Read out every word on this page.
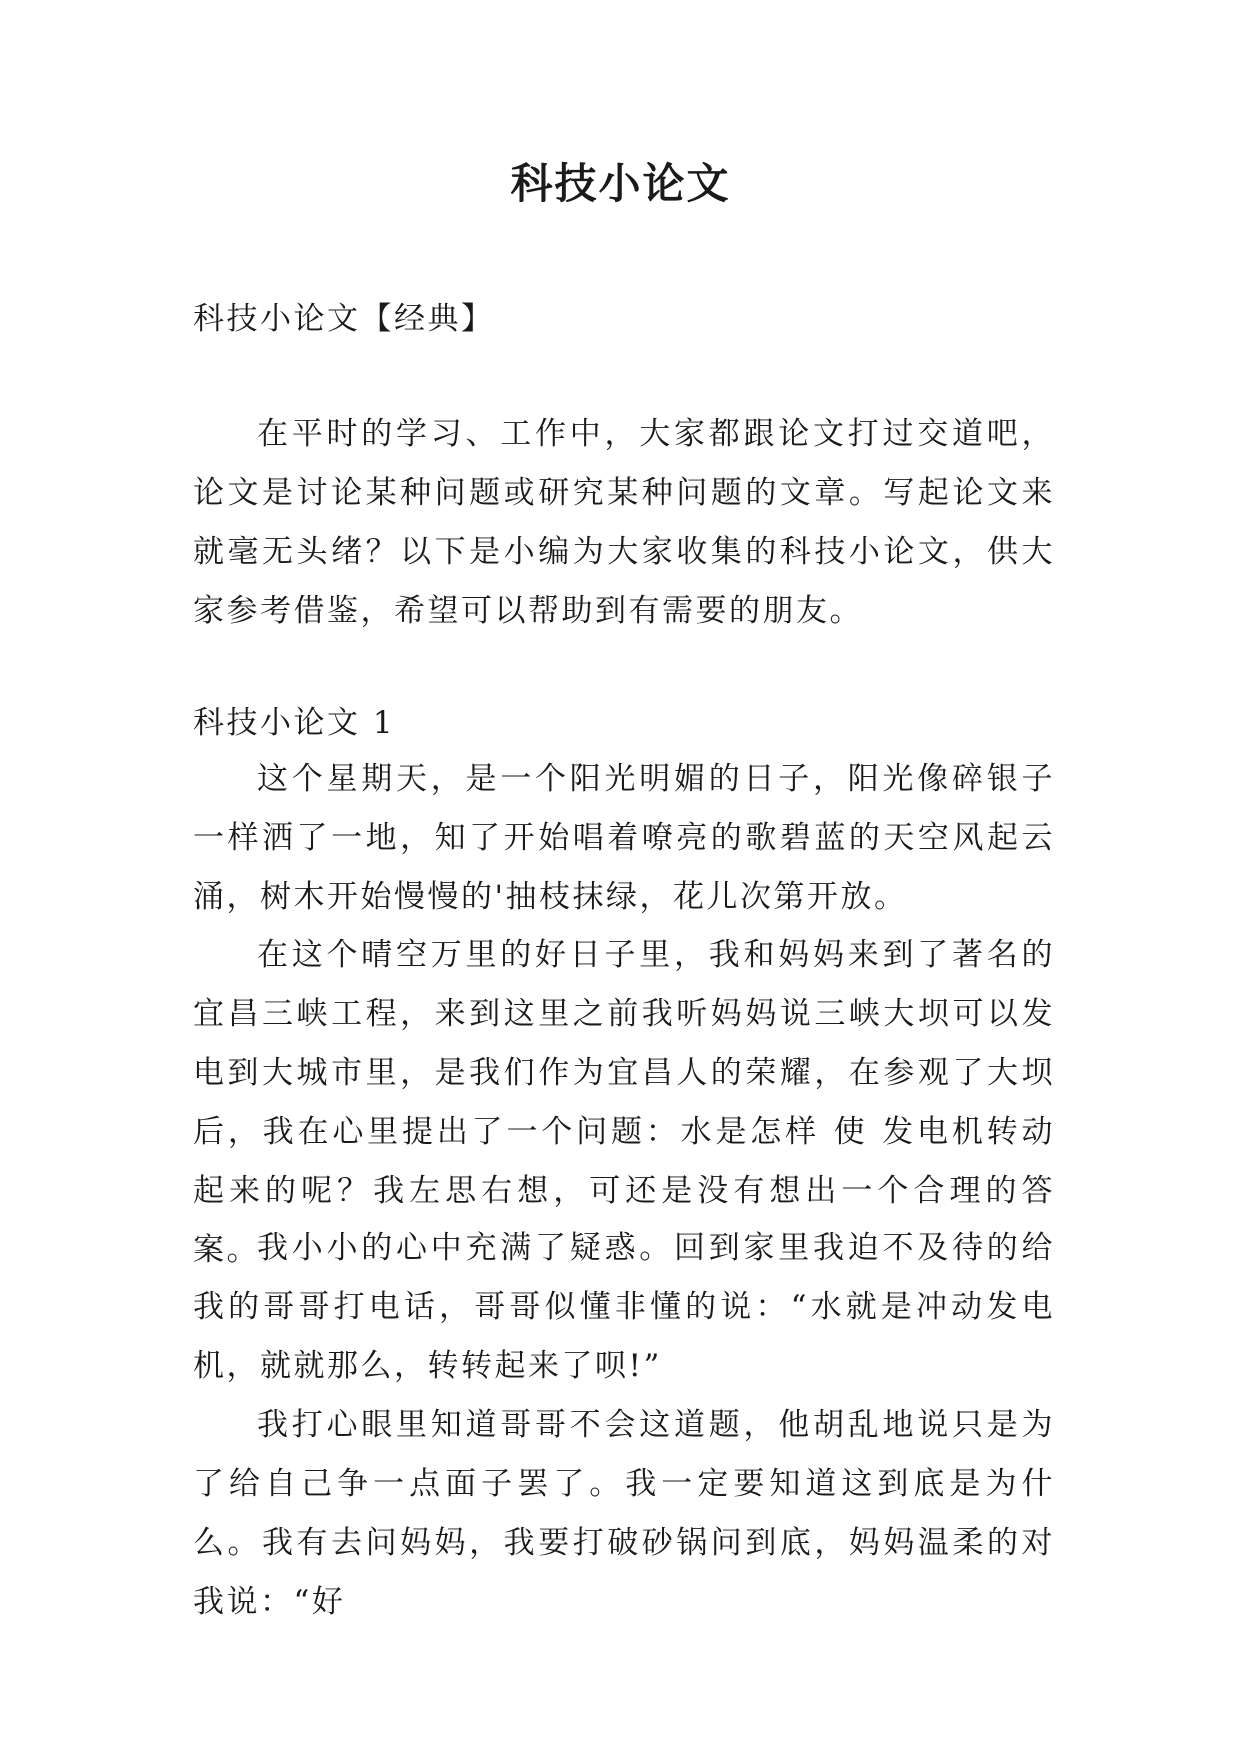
科技小论文

科技小论文【经典】

在平时的学习、工作中，大家都跟论文打过交道吧，论文是讨论某种问题或研究某种问题的文章。写起论文来就毫无头绪？以下是小编为大家收集的科技小论文，供大家参考借鉴，希望可以帮助到有需要的朋友。

科技小论文 1

这个星期天，是一个阳光明媚的日子，阳光像碎银子一样洒了一地，知了开始唱着嘹亮的歌碧蓝的天空风起云涌，树木开始慢慢的'抽枝抹绿，花儿次第开放。

在这个晴空万里的好日子里，我和妈妈来到了著名的宜昌三峡工程，来到这里之前我听妈妈说三峡大坝可以发电到大城市里，是我们作为宜昌人的荣耀，在参观了大坝后，我在心里提出了一个问题：水是怎样 使 发电机转动起来的呢？我左思右想，可还是没有想出一个合理的答案。

我小小的心中充满了疑惑。回到家里我迫不及待的给我的哥哥打电话，哥哥似懂非懂的说：“水就是冲动发电机，就就那么，转转起来了呗!”

我打心眼里知道哥哥不会这道题，他胡乱地说只是为了给自己争一点面子罢了。我一定要知道这到底是为什么。我有去问妈妈，我要打破砂锅问到底，妈妈温柔的对我说：“好
